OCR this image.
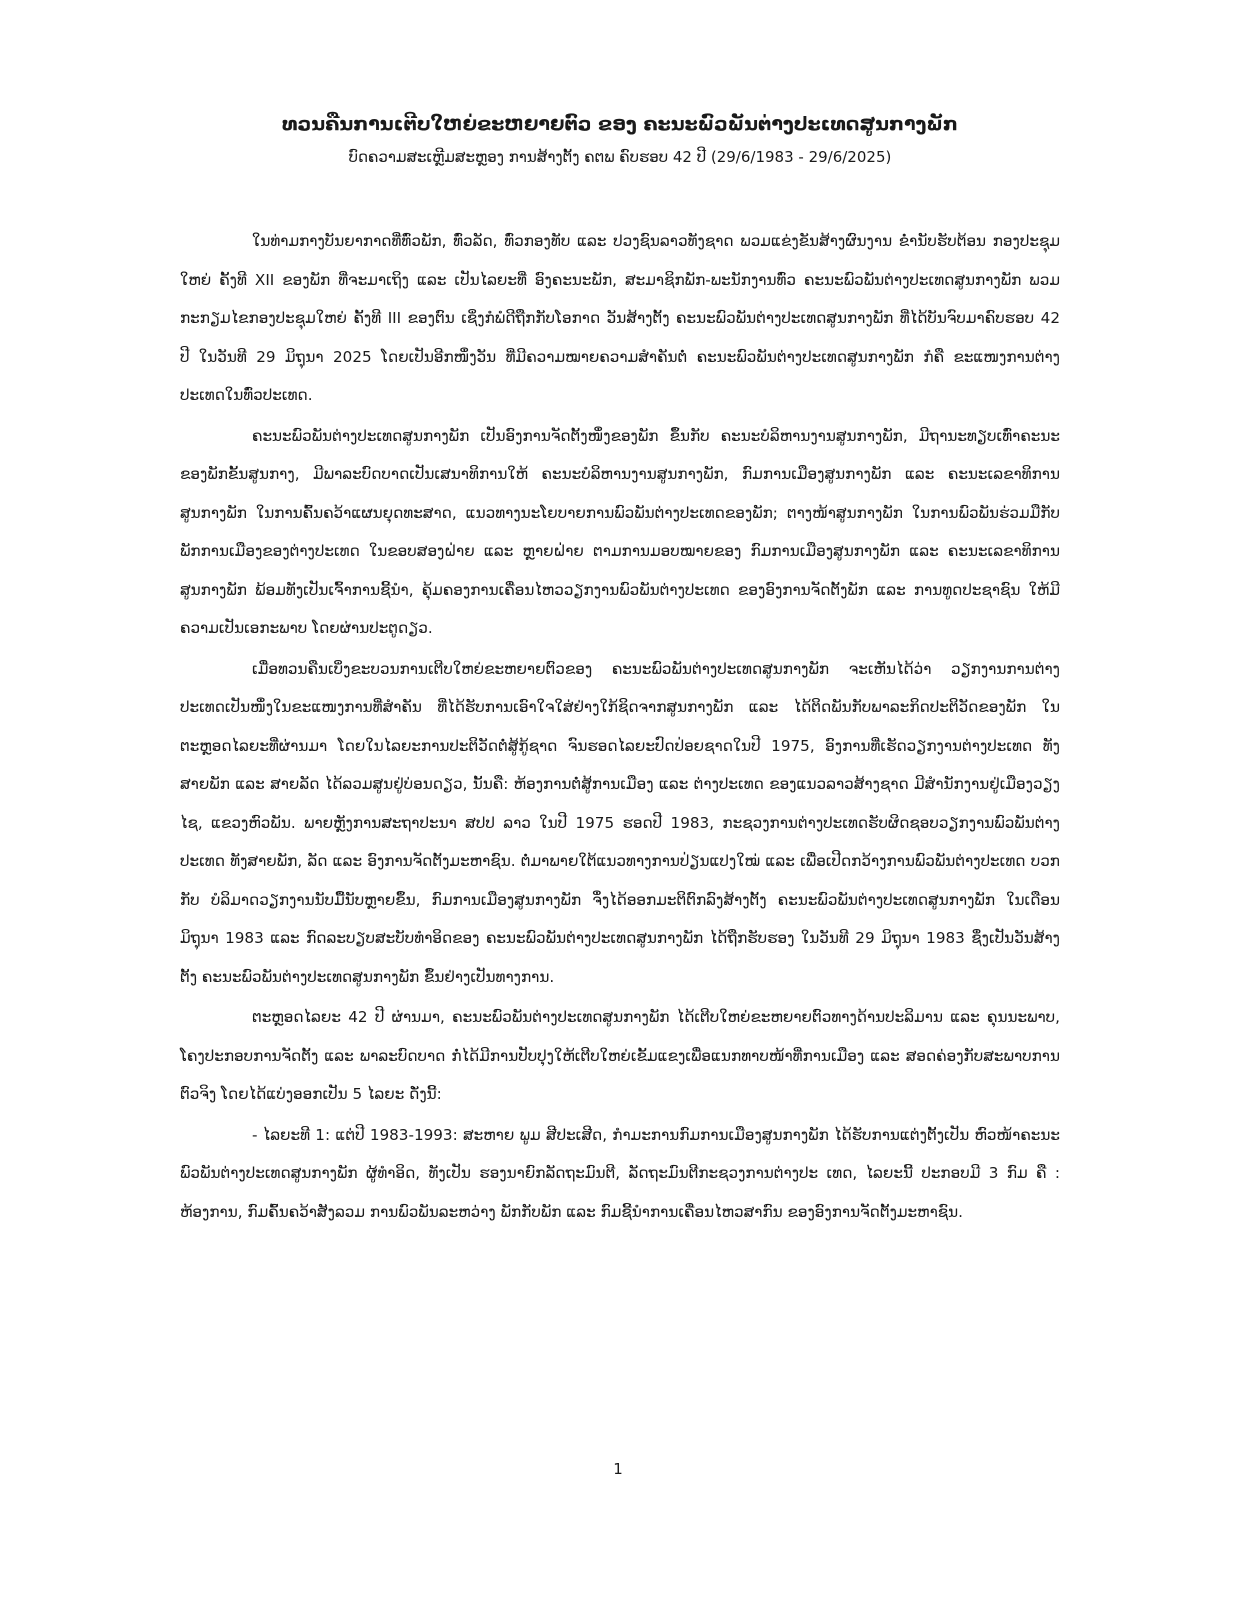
ທວນຄືນການເຕີບໃຫຍ່ຂະຫຍາຍຕົວ ຂອງ ຄະນະພົວພັນຕ່າງປະເທດສູນກາງພັກ

ບົດຄວາມສະເຫຼີມສະຫຼອງ ການສ້າງຕັ້ງ ຄຕພ ຄົບຮອບ 42 ປີ (29/6/1983 - 29/6/2025)

ໃນທ່າມກາງບັນຍາກາດທີ່ທົ່ວພັກ, ທົ່ວລັດ, ທົ່ວກອງທັບ ແລະ ປວງຊົນລາວທັງຊາດ ພວມແຂ່ງຂັນສ້າງຜົນງານ ຂໍ່ານັບຮັບຕ້ອນ ກອງປະຊຸມໃຫຍ່ ຄັ້ງທີ XII ຂອງພັກ ທີ່ຈະມາເຖິງ ແລະ ເປັນໄລຍະທີ່ ອົງຄະນະພັກ, ສະມາຊິກພັກ-ພະນັກງານທົ່ວ ຄະນະພົວພັນຕ່າງປະເທດສູນກາງພັກ ພວມກະກຽມໄຂກອງປະຊຸມໃຫຍ່ ຄັ້ງທີ III ຂອງຕົນ ເຊິ່ງກໍພໍດີຖືກກັບໂອກາດ ວັນສ້າງຕັ້ງ ຄະນະພົວພັນຕ່າງປະເທດສູນກາງພັກ ທີ່ໄດ້ບັນຈົບມາຄົບຮອບ 42 ປີ ໃນວັນທີ 29 ມິຖຸນາ 2025 ໂດຍເປັນອີກໜຶ່ງວັນ ທີ່ມີຄວາມໝາຍຄວາມສຳຄັນຕໍ່ ຄະນະພົວພັນຕ່າງປະເທດສູນກາງພັກ ກໍຄື ຂະແໜງການຕ່າງປະເທດໃນທົ່ວປະເທດ.

ຄະນະພົວພັນຕ່າງປະເທດສູນກາງພັກ ເປັນອົງການຈັດຕັ້ງໜຶ່ງຂອງພັກ ຂຶ້ນກັບ ຄະນະບໍລິຫານງານສູນກາງພັກ, ມີຖານະທຽບເທົ່າຄະນະຂອງພັກຂັ້ນສູນກາງ, ມີພາລະບົດບາດເປັນເສນາທິການໃຫ້ ຄະນະບໍລິຫານງານສູນກາງພັກ, ກົມການເມືອງສູນກາງພັກ ແລະ ຄະນະເລຂາທິການສູນກາງພັກ ໃນການຄົ້ນຄວ້າແຜນຍຸດທະສາດ, ແນວທາງນະໂຍບາຍການພົວພັນຕ່າງປະເທດຂອງພັກ; ຕາງໜ້າສູນກາງພັກ ໃນການພົວພັນຮ່ວມມືກັບພັກການເມືອງຂອງຕ່າງປະເທດ ໃນຂອບສອງຝ່າຍ ແລະ ຫຼາຍຝ່າຍ ຕາມການມອບໝາຍຂອງ ກົມການເມືອງສູນກາງພັກ ແລະ ຄະນະເລຂາທິການສູນກາງພັກ ພ້ອມທັງເປັນເຈົ້າການຊີ້ນຳ, ຄຸ້ມຄອງການເຄື່ອນໄຫວວຽກງານພົວພັນຕ່າງປະເທດ ຂອງອົງການຈັດຕັ້ງພັກ ແລະ ການທູດປະຊາຊົນ ໃຫ້ມີຄວາມເປັນເອກະພາບ ໂດຍຜ່ານປະຕູດຽວ.

ເມື່ອທວນຄືນເບິ່ງຂະບວນການເຕີບໃຫຍ່ຂະຫຍາຍຕົວຂອງ ຄະນະພົວພັນຕ່າງປະເທດສູນກາງພັກ ຈະເຫັນໄດ້ວ່າ ວຽກງານການຕ່າງປະເທດເປັນໜຶ່ງໃນຂະແໜງການທີ່ສຳຄັນ ທີ່ໄດ້ຮັບການເອົາໃຈໃສ່ຢ່າງໃກ້ຊິດຈາກສູນກາງພັກ ແລະ ໄດ້ຕິດພັນກັບພາລະກິດປະຕິວັດຂອງພັກ ໃນຕະຫຼອດໄລຍະທີ່ຜ່ານມາ ໂດຍໃນໄລຍະການປະຕິວັດຕໍ່ສູ້ກູ້ຊາດ ຈົນຮອດໄລຍະປົດປ່ອຍຊາດໃນປີ 1975, ອົງການທີ່ເຮັດວຽກງານຕ່າງປະເທດ ທັງສາຍພັກ ແລະ ສາຍລັດ ໄດ້ລວມສູນຢູ່ບ່ອນດຽວ, ນັ້ນຄື: ຫ້ອງການຕໍ່ສູ້ການເມືອງ ແລະ ຕ່າງປະເທດ ຂອງແນວລາວສ້າງຊາດ ມີສຳນັກງານຢູ່ເມືອງວຽງໄຊ, ແຂວງຫົວພັນ. ພາຍຫຼັງການສະຖາປະນາ ສປປ ລາວ ໃນປີ 1975 ຮອດປີ 1983, ກະຊວງການຕ່າງປະເທດຮັບຜິດຊອບວຽກງານພົວພັນຕ່າງປະເທດ ທັງສາຍພັກ, ລັດ ແລະ ອົງການຈັດຕັ້ງມະຫາຊົນ. ຕໍ່ມາພາຍໃຕ້ແນວທາງການປ່ຽນແປງໃໝ່ ແລະ ເພື່ອເປີດກວ້າງການພົວພັນຕ່າງປະເທດ ບວກກັບ ບໍລິມາດວຽກງານນັບມື້ນັບຫຼາຍຂຶ້ນ, ກົມການເມືອງສູນກາງພັກ ຈຶ່ງໄດ້ອອກມະຕິຕົກລົງສ້າງຕັ້ງ ຄະນະພົວພັນຕ່າງປະເທດສູນກາງພັກ ໃນເດືອນມິຖຸນາ 1983 ແລະ ກົດລະບຽບສະບັບທຳອິດຂອງ ຄະນະພົວພັນຕ່າງປະເທດສູນກາງພັກ ໄດ້ຖືກຮັບຮອງ ໃນວັນທີ 29 ມິຖຸນາ 1983 ຊຶ່ງເປັນວັນສ້າງຕັ້ງ ຄະນະພົວພັນຕ່າງປະເທດສູນກາງພັກ ຂຶ້ນຢ່າງເປັນທາງການ.

ຕະຫຼອດໄລຍະ 42 ປີ ຜ່ານມາ, ຄະນະພົວພັນຕ່າງປະເທດສູນກາງພັກ ໄດ້ເຕີບໃຫຍ່ຂະຫຍາຍຕົວທາງດ້ານປະລິມານ ແລະ ຄຸນນະພາບ, ໂຄງປະກອບການຈັດຕັ້ງ ແລະ ພາລະບົດບາດ ກໍ່ໄດ້ມີການປັບປຸງໃຫ້ເຕີບໃຫຍ່ເຂັ້ມແຂງເພື່ອແນກທາບໜ້າທີ່ການເມືອງ ແລະ ສອດຄ່ອງກັບສະພາບການຕົວຈິງ ໂດຍໄດ້ແບ່ງອອກເປັນ 5 ໄລຍະ ດັ່ງນີ້:

- ໄລຍະທີ 1: ແຕ່ປີ 1983-1993: ສະຫາຍ ພູມ ສີປະເສີດ, ກຳມະການກົມການເມືອງສູນກາງພັກ ໄດ້ຮັບການແຕ່ງຕັ້ງເປັນ ຫົວໜ້າຄະນະພົວພັນຕ່າງປະເທດສູນກາງພັກ ຜູ້ທຳອິດ, ທັງເປັນ ຮອງນາຍົກລັດຖະມົນຕີ, ລັດຖະມົນຕີກະຊວງການຕ່າງປະ ເທດ, ໄລຍະນີ້ ປະກອບມີ 3 ກົມ ຄື : ຫ້ອງການ, ກົມຄົ້ນຄວ້າສັງລວມ ການພົວພັນລະຫວ່າງ ພັກກັບພັກ ແລະ ກົມຊີ້ນຳການເຄື່ອນໄຫວສາກົນ ຂອງອົງການຈັດຕັ້ງມະຫາຊົນ.

1
